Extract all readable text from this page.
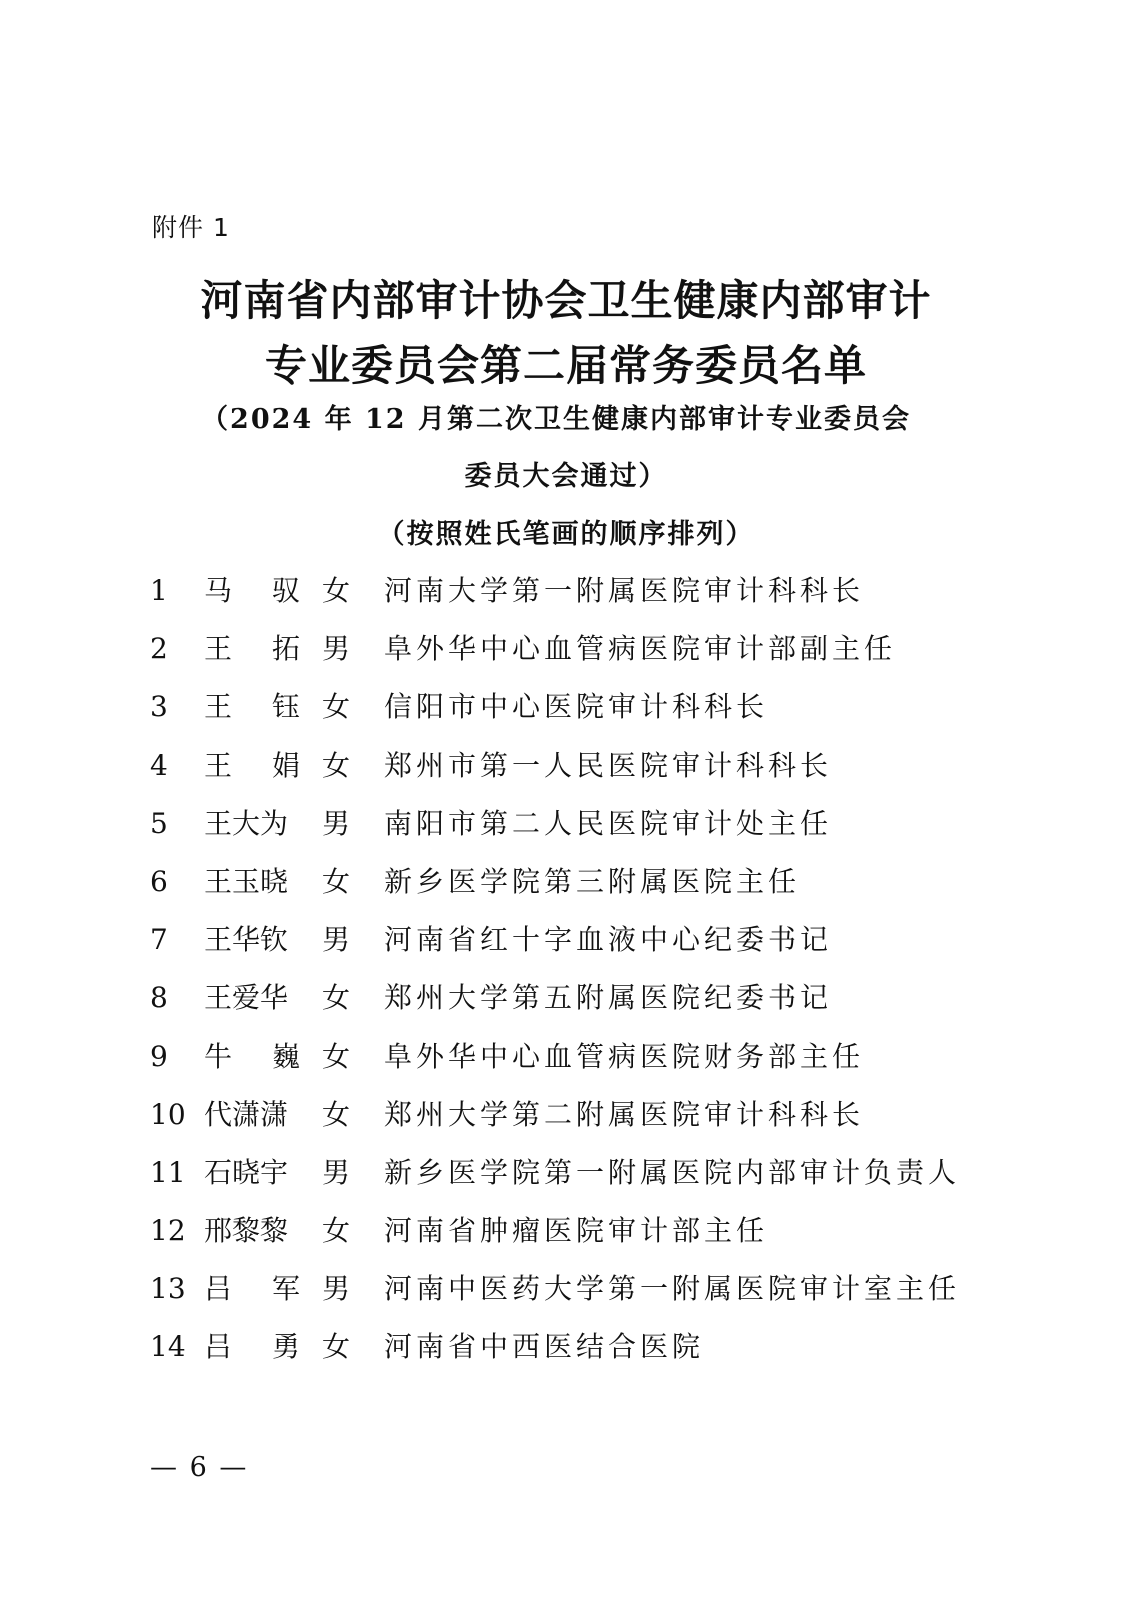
附件 1
河南省内部审计协会卫生健康内部审计
专业委员会第二届常务委员名单
（2024 年 12 月第二次卫生健康内部审计专业委员会
委员大会通过）
（按照姓氏笔画的顺序排列）
1 马 驭 女 河南大学第一附属医院审计科科长
2 王 拓 男 阜外华中心血管病医院审计部副主任
3 王 钰 女 信阳市中心医院审计科科长
4 王 娟 女 郑州市第一人民医院审计科科长
5 王大为	男 南阳市第二人民医院审计处主任
6 王玉晓	女 新乡医学院第三附属医院主任
7 王华钦	男 河南省红十字血液中心纪委书记
8 王爱华	女 郑州大学第五附属医院纪委书记
9 牛 巍 女 阜外华中心血管病医院财务部主任
10 代潇潇	女 郑州大学第二附属医院审计科科长
11 石晓宇	男 新乡医学院第一附属医院内部审计负责人
12 邢黎黎	女 河南省肿瘤医院审计部主任
13 吕 军 男 河南中医药大学第一附属医院审计室主任
14 吕 勇 女 河南省中西医结合医院
— 6 —
